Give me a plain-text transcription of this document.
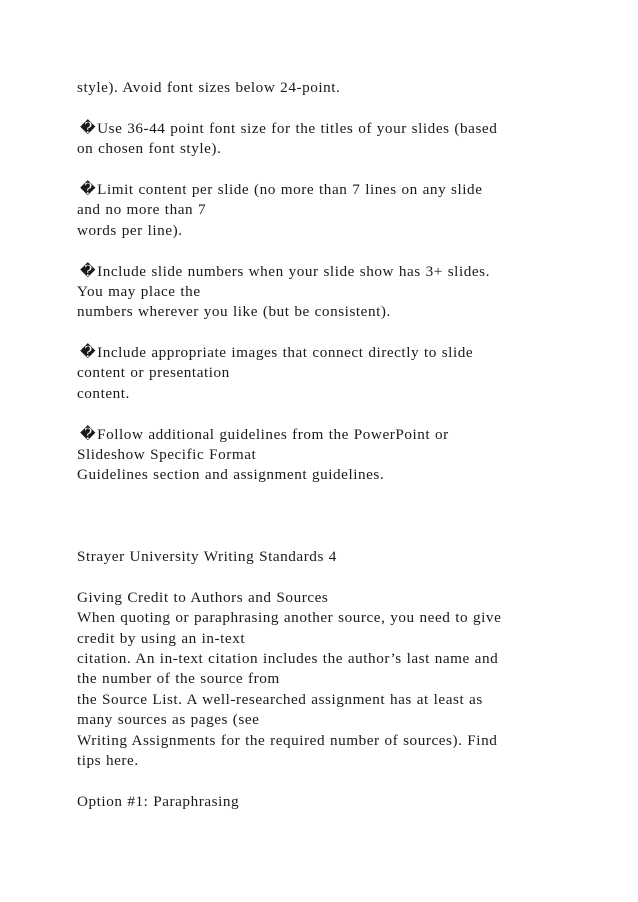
style). Avoid font sizes below 24-point.
�Use 36-44 point font size for the titles of your slides (based
on chosen font style).
�Limit content per slide (no more than 7 lines on any slide
and no more than 7
words per line).
�Include slide numbers when your slide show has 3+ slides.
You may place the
numbers wherever you like (but be consistent).
�Include appropriate images that connect directly to slide
content or presentation
content.
�Follow additional guidelines from the PowerPoint or
Slideshow Specific Format
Guidelines section and assignment guidelines.
Strayer University Writing Standards 4
Giving Credit to Authors and Sources
When quoting or paraphrasing another source, you need to give
credit by using an in-text
citation. An in-text citation includes the author’s last name and
the number of the source from
the Source List. A well-researched assignment has at least as
many sources as pages (see
Writing Assignments for the required number of sources). Find
tips here.
Option #1: Paraphrasing
